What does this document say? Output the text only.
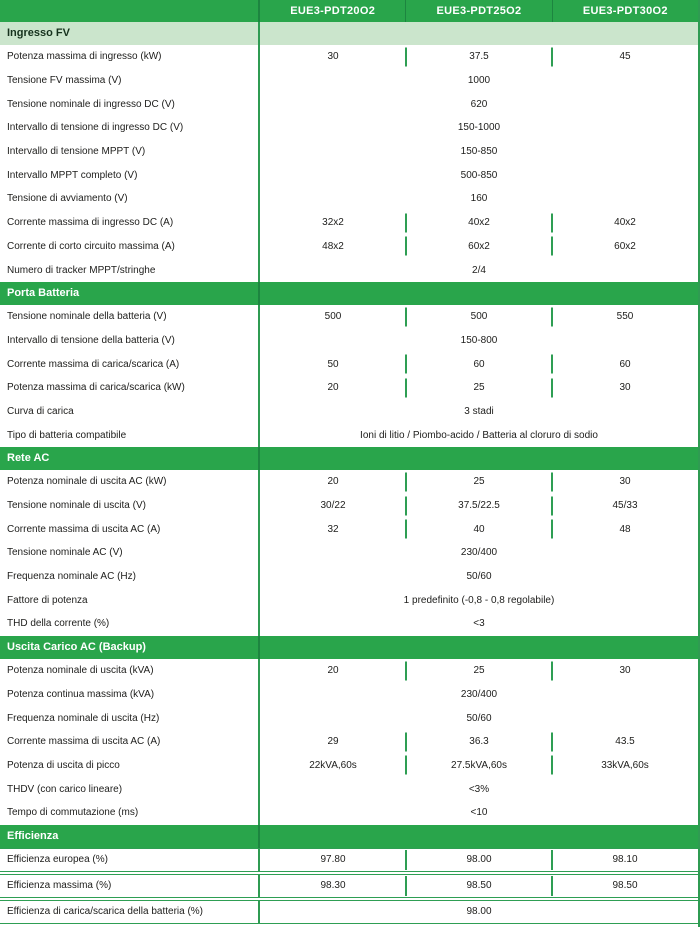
EUE3-PDT20O2	EUE3-PDT25O2	EUE3-PDT30O2
Ingresso FV
Potenza massima di ingresso (kW)	30	37.5	45
Tensione FV massima (V)	1000
Tensione nominale di ingresso DC (V)	620
Intervallo di tensione di ingresso DC (V)	150-1000
Intervallo di tensione MPPT (V)	150-850
Intervallo MPPT completo (V)	500-850
Tensione di avviamento (V)	160
Corrente massima di ingresso DC (A)	32x2	40x2	40x2
Corrente di corto circuito massima (A)	48x2	60x2	60x2
Numero di tracker MPPT/stringhe	2/4
Porta Batteria
Tensione nominale della batteria (V)	500	500	550
Intervallo di tensione della batteria (V)	150-800
Corrente massima di carica/scarica (A)	50	60	60
Potenza massima di carica/scarica (kW)	20	25	30
Curva di carica	3 stadi
Tipo di batteria compatibile	Ioni di litio / Piombo-acido / Batteria al cloruro di sodio
Rete AC
Potenza nominale di uscita AC (kW)	20	25	30
Tensione nominale di uscita (V)	30/22	37.5/22.5	45/33
Corrente massima di uscita AC (A)	32	40	48
Tensione nominale AC (V)	230/400
Frequenza nominale AC (Hz)	50/60
Fattore di potenza	1 predefinito (-0,8 - 0,8 regolabile)
THD della corrente (%)	<3
Uscita Carico AC (Backup)
Potenza nominale di uscita (kVA)	20	25	30
Potenza continua massima (kVA)	230/400
Frequenza nominale di uscita (Hz)	50/60
Corrente massima di uscita AC (A)	29	36.3	43.5
Potenza di uscita di picco	22kVA,60s	27.5kVA,60s	33kVA,60s
THDV (con carico lineare)	<3%
Tempo di commutazione (ms)	<10
Efficienza
Efficienza europea (%)	97.80	98.00	98.10
Efficienza massima (%)	98.30	98.50	98.50
Efficienza di carica/scarica della batteria (%)	98.00
